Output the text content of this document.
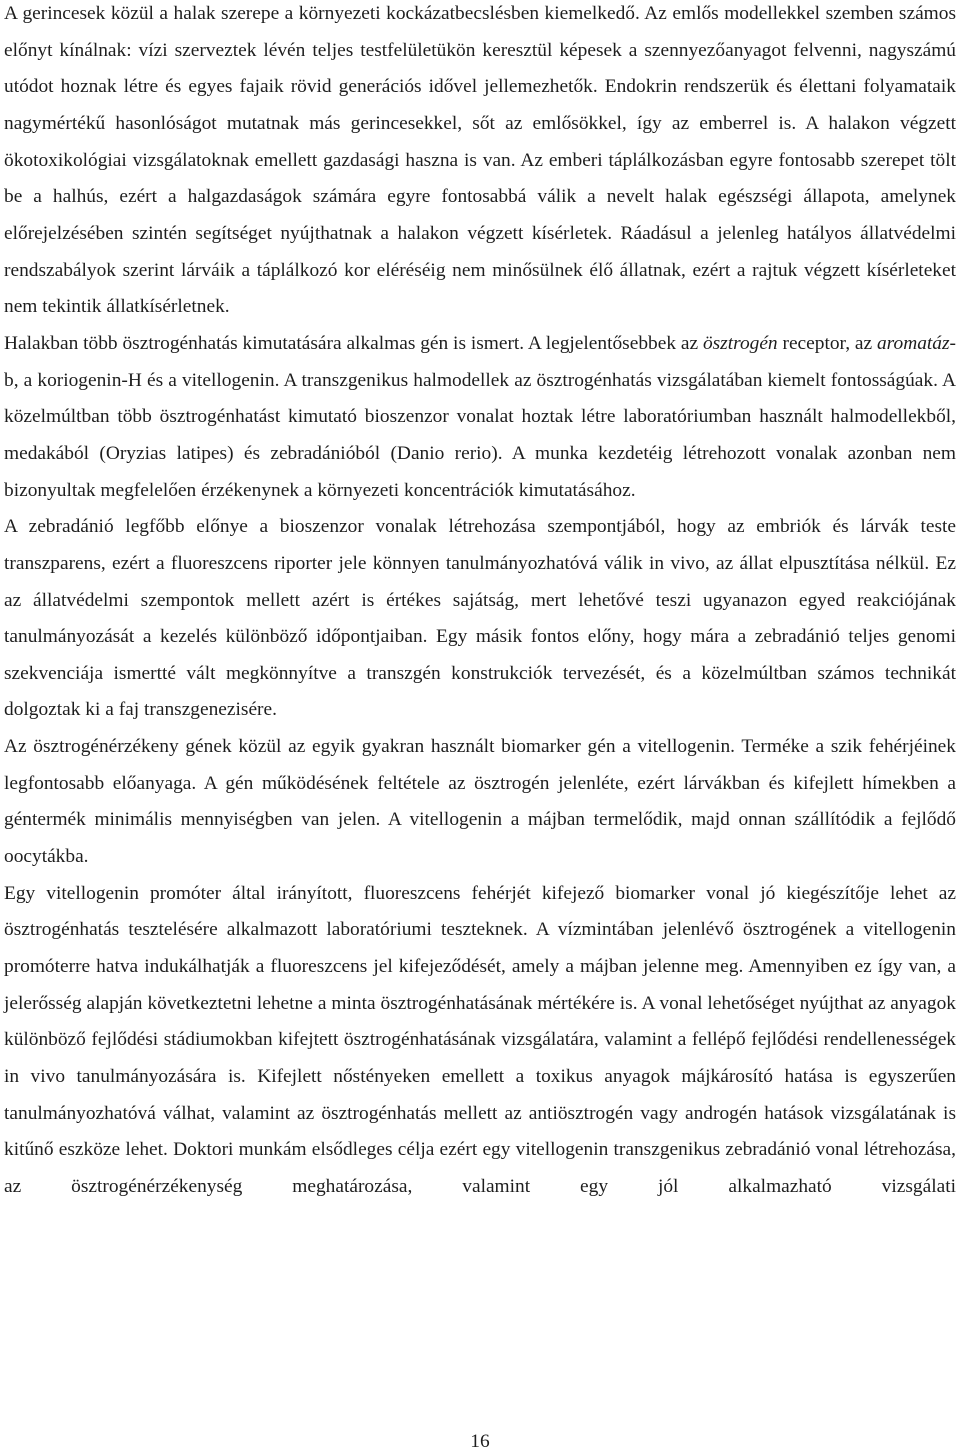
A gerincesek közül a halak szerepe a környezeti kockázatbecslésben kiemelkedő. Az emlős modellekkel szemben számos előnyt kínálnak: vízi szerveztek lévén teljes testfelületükön keresztül képesek a szennyezőanyagot felvenni, nagyszámú utódot hoznak létre és egyes fajaik rövid generációs idővel jellemezhetők. Endokrin rendszerük és élettani folyamataik nagymértékű hasonlóságot mutatnak más gerincesekkel, sőt az emlősökkel, így az emberrel is. A halakon végzett ökotoxikológiai vizsgálatoknak emellett gazdasági haszna is van. Az emberi táplálkozásban egyre fontosabb szerepet tölt be a halhús, ezért a halgazdaságok számára egyre fontosabbá válik a nevelt halak egészségi állapota, amelynek előrejelzésében szintén segítséget nyújthatnak a halakon végzett kísérletek. Ráadásul a jelenleg hatályos állatvédelmi rendszabályok szerint lárváik a táplálkozó kor eléréséig nem minősülnek élő állatnak, ezért a rajtuk végzett kísérleteket nem tekintik állatkísérletnek.

Halakban több ösztrogénhatás kimutatására alkalmas gén is ismert. A legjelentősebbek az ösztrogén receptor, az aromatáz-b, a koriogenin-H és a vitellogenin. A transzgenikus halmodellek az ösztrogénhatás vizsgálatában kiemelt fontosságúak. A közelmúltban több ösztrogénhatást kimutató bioszenzor vonalat hoztak létre laboratóriumban használt halmodellekből, medakából (Oryzias latipes) és zebradánióból (Danio rerio). A munka kezdetéig létrehozott vonalak azonban nem bizonyultak megfelelően érzékenynek a környezeti koncentrációk kimutatásához.

A zebradánió legfőbb előnye a bioszenzor vonalak létrehozása szempontjából, hogy az embriók és lárvák teste transzparens, ezért a fluoreszcens riporter jele könnyen tanulmányozhatóvá válik in vivo, az állat elpusztítása nélkül. Ez az állatvédelmi szempontok mellett azért is értékes sajátság, mert lehetővé teszi ugyanazon egyed reakciójának tanulmányozását a kezelés különböző időpontjaiban. Egy másik fontos előny, hogy mára a zebradánió teljes genomi szekvenciája ismertté vált megkönnyítve a transzgén konstrukciók tervezését, és a közelmúltban számos technikát dolgoztak ki a faj transzgenezisére.

Az ösztrogénérzékeny gének közül az egyik gyakran használt biomarker gén a vitellogenin. Terméke a szik fehérjéinek legfontosabb előanyaga. A gén működésének feltétele az ösztrogén jelenléte, ezért lárvákban és kifejlett hímekben a géntermék minimális mennyiségben van jelen. A vitellogenin a májban termelődik, majd onnan szállítódik a fejlődő oocytákba.

Egy vitellogenin promóter által irányított, fluoreszcens fehérjét kifejező biomarker vonal jó kiegészítője lehet az ösztrogénhatás tesztelésére alkalmazott laboratóriumi teszteknek. A vízmintában jelenlévő ösztrogének a vitellogenin promóterre hatva indukálhatják a fluoreszcens jel kifejeződését, amely a májban jelenne meg. Amennyiben ez így van, a jelerősség alapján következtetni lehetne a minta ösztrogénhatásának mértékére is. A vonal lehetőséget nyújthat az anyagok különböző fejlődési stádiumokban kifejtett ösztrogénhatásának vizsgálatára, valamint a fellépő fejlődési rendellenességek in vivo tanulmányozására is. Kifejlett nőstényeken emellett a toxikus anyagok májkárosító hatása is egyszerűen tanulmányozhatóvá válhat, valamint az ösztrogénhatás mellett az antiösztrogén vagy androgén hatások vizsgálatának is kitűnő eszköze lehet. Doktori munkám elsődleges célja ezért egy vitellogenin transzgenikus zebradánió vonal létrehozása, az ösztrogénérzékenység meghatározása, valamint egy jól alkalmazható vizsgálati

16
